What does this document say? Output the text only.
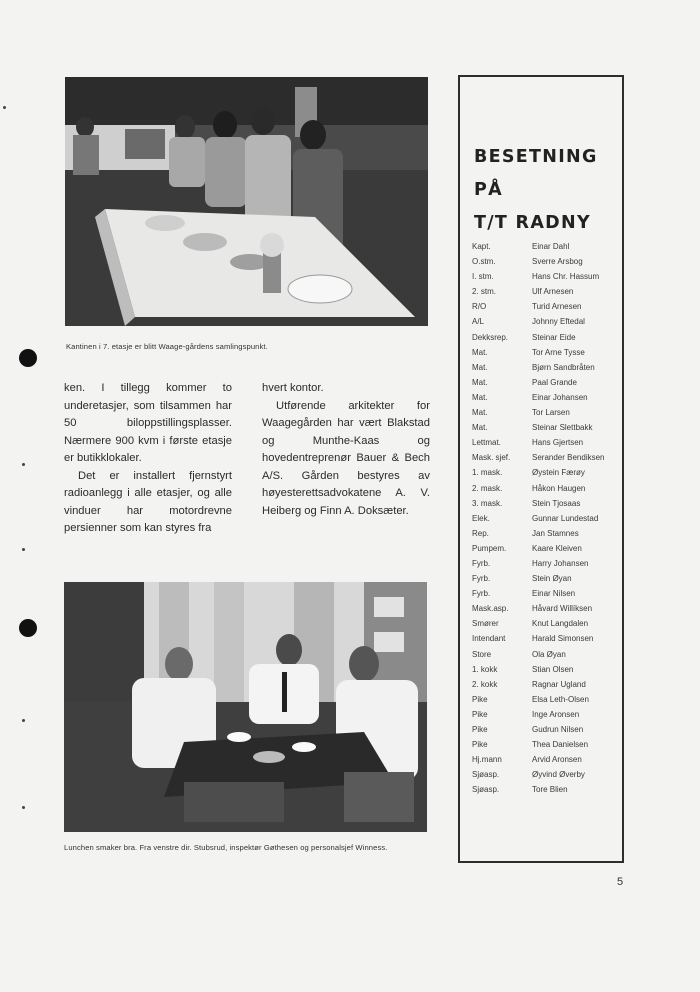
Kantinen i 7. etasje er blitt Waage-gårdens samlingspunkt.

ken. I tillegg kommer to underetasjer, som tilsammen har 50 biloppstillingsplasser. Nærmere 900 kvm i første etasje er butikklokaler.

Det er installert fjernstyrt radioanlegg i alle etasjer, og alle vinduer har motordrevne persienner som kan styres fra

hvert kontor.

Utførende arkitekter for Waagegården har vært Blakstad og Munthe-Kaas og hovedentreprenør Bauer & Bech A/S. Gården bestyres av høyesterettsadvokatene A. V. Heiberg og Finn A. Doksæter.

Lunchen smaker bra. Fra venstre dir. Stubsrud, inspektør Gøthesen og personalsjef Winness.
BESETNING PÅ
T/T RADNY
Kapt.	Einar Dahl
O.stm.	Sverre Arsbog
I. stm.	Hans Chr. Hassum
2. stm.	Ulf Arnesen
R/O	Turid Arnesen
A/L	Johnny Eftedal
Dekksrep.	Steinar Eide
Mat.	Tor Arne Tysse
Mat.	Bjørn Sandbråten
Mat.	Paal Grande
Mat.	Einar Johansen
Mat.	Tor Larsen
Mat.	Steinar Slettbakk
Lettmat.	Hans Gjertsen
Mask. sjef.	Serander Bendiksen
1. mask.	Øystein Færøy
2. mask.	Håkon Haugen
3. mask.	Stein Tjosaas
Elek.	Gunnar Lundestad
Rep.	Jan Stamnes
Pumpem.	Kaare Kleiven
Fyrb.	Harry Johansen
Fyrb.	Stein Øyan
Fyrb.	Einar Nilsen
Mask.asp.	Håvard Willíksen
Smører	Knut Langdalen
Intendant	Harald Simonsen
Store	Ola Øyan
1. kokk	Stian Olsen
2. kokk	Ragnar Ugland
Pike	Elsa Leth-Olsen
Pike	Inge Aronsen
Pike	Gudrun Nilsen
Pike	Thea Danielsen
Hj.mann	Arvid Aronsen
Sjøasp.	Øyvind Øverby
Sjøasp.	Tore Blien
5
